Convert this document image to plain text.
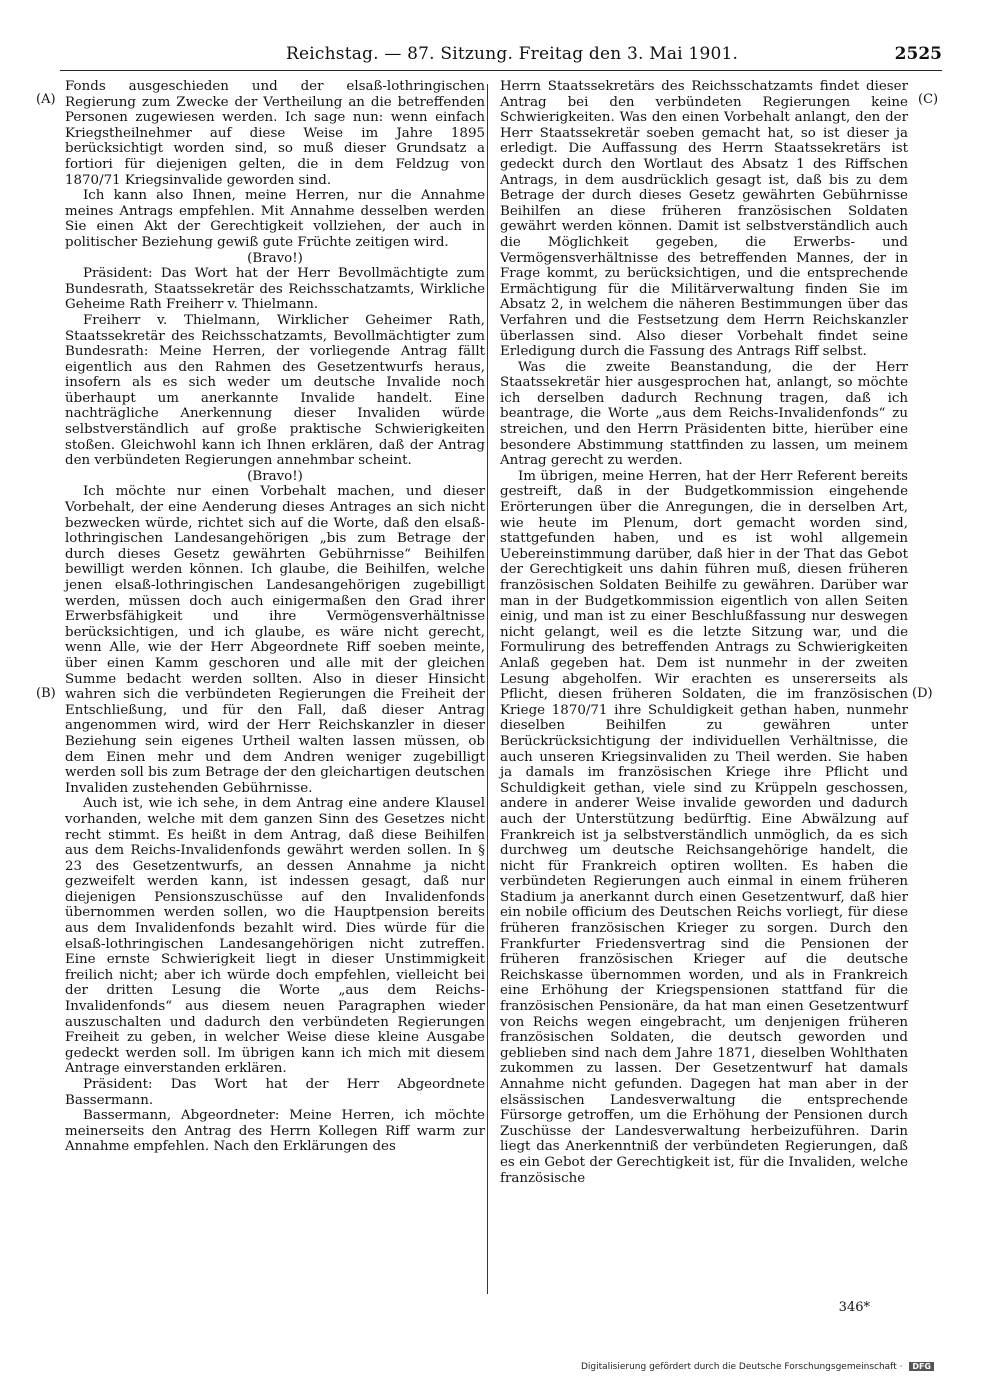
Reichstag. — 87. Sitzung. Freitag den 3. Mai 1901.	2525
(A)
(B)
(C)
(D)

Fonds ausgeschieden und der elsaß-lothringischen Regierung zum Zwecke der Vertheilung an die betreffenden Personen zugewiesen werden. Ich sage nun: wenn einfach Kriegstheilnehmer auf diese Weise im Jahre 1895 berücksichtigt worden sind, so muß dieser Grundsatz a fortiori für diejenigen gelten, die in dem Feldzug von 1870/71 Kriegsinvalide geworden sind.

Ich kann also Ihnen, meine Herren, nur die Annahme meines Antrags empfehlen. Mit Annahme desselben werden Sie einen Akt der Gerechtigkeit vollziehen, der auch in politischer Beziehung gewiß gute Früchte zeitigen wird.

(Bravo!)

Präsident: Das Wort hat der Herr Bevollmächtigte zum Bundesrath, Staatssekretär des Reichsschatzamts, Wirkliche Geheime Rath Freiherr v. Thielmann.

Freiherr v. Thielmann, Wirklicher Geheimer Rath, Staatssekretär des Reichsschatzamts, Bevollmächtigter zum Bundesrath: Meine Herren, der vorliegende Antrag fällt eigentlich aus den Rahmen des Gesetzentwurfs heraus, insofern als es sich weder um deutsche Invalide noch überhaupt um anerkannte Invalide handelt. Eine nachträgliche Anerkennung dieser Invaliden würde selbstverständlich auf große praktische Schwierigkeiten stoßen. Gleichwohl kann ich Ihnen erklären, daß der Antrag den verbündeten Regierungen annehmbar scheint.

(Bravo!)

Ich möchte nur einen Vorbehalt machen, und dieser Vorbehalt, der eine Aenderung dieses Antrages an sich nicht bezwecken würde, richtet sich auf die Worte, daß den elsaß-lothringischen Landesangehörigen „bis zum Betrage der durch dieses Gesetz gewährten Gebührnisse“ Beihilfen bewilligt werden können. Ich glaube, die Beihilfen, welche jenen elsaß-lothringischen Landesangehörigen zugebilligt werden, müssen doch auch einigermaßen den Grad ihrer Erwerbsfähigkeit und ihre Vermögensverhältnisse berücksichtigen, und ich glaube, es wäre nicht gerecht, wenn Alle, wie der Herr Abgeordnete Riff soeben meinte, über einen Kamm geschoren und alle mit der gleichen Summe bedacht werden sollten. Also in dieser Hinsicht wahren sich die verbündeten Regierungen die Freiheit der Entschließung, und für den Fall, daß dieser Antrag angenommen wird, wird der Herr Reichskanzler in dieser Beziehung sein eigenes Urtheil walten lassen müssen, ob dem Einen mehr und dem Andren weniger zugebilligt werden soll bis zum Betrage der den gleichartigen deutschen Invaliden zustehenden Gebührnisse.

Auch ist, wie ich sehe, in dem Antrag eine andere Klausel vorhanden, welche mit dem ganzen Sinn des Gesetzes nicht recht stimmt. Es heißt in dem Antrag, daß diese Beihilfen aus dem Reichs-Invalidenfonds gewährt werden sollen. In § 23 des Gesetzentwurfs, an dessen Annahme ja nicht gezweifelt werden kann, ist indessen gesagt, daß nur diejenigen Pensionszuschüsse auf den Invalidenfonds übernommen werden sollen, wo die Hauptpension bereits aus dem Invalidenfonds bezahlt wird. Dies würde für die elsaß-lothringischen Landesangehörigen nicht zutreffen. Eine ernste Schwierigkeit liegt in dieser Unstimmigkeit freilich nicht; aber ich würde doch empfehlen, vielleicht bei der dritten Lesung die Worte „aus dem Reichs-Invalidenfonds“ aus diesem neuen Paragraphen wieder auszuschalten und dadurch den verbündeten Regierungen Freiheit zu geben, in welcher Weise diese kleine Ausgabe gedeckt werden soll. Im übrigen kann ich mich mit diesem Antrage einverstanden erklären.

Präsident: Das Wort hat der Herr Abgeordnete Bassermann.

Bassermann, Abgeordneter: Meine Herren, ich möchte meinerseits den Antrag des Herrn Kollegen Riff warm zur Annahme empfehlen. Nach den Erklärungen des

Herrn Staatssekretärs des Reichsschatzamts findet dieser Antrag bei den verbündeten Regierungen keine Schwierigkeiten. Was den einen Vorbehalt anlangt, den der Herr Staatssekretär soeben gemacht hat, so ist dieser ja erledigt. Die Auffassung des Herrn Staatssekretärs ist gedeckt durch den Wortlaut des Absatz 1 des Riffschen Antrags, in dem ausdrücklich gesagt ist, daß bis zu dem Betrage der durch dieses Gesetz gewährten Gebührnisse Beihilfen an diese früheren französischen Soldaten gewährt werden können. Damit ist selbstverständlich auch die Möglichkeit gegeben, die Erwerbs- und Vermögensverhältnisse des betreffenden Mannes, der in Frage kommt, zu berücksichtigen, und die entsprechende Ermächtigung für die Militärverwaltung finden Sie im Absatz 2, in welchem die näheren Bestimmungen über das Verfahren und die Festsetzung dem Herrn Reichskanzler überlassen sind. Also dieser Vorbehalt findet seine Erledigung durch die Fassung des Antrags Riff selbst.

Was die zweite Beanstandung, die der Herr Staatssekretär hier ausgesprochen hat, anlangt, so möchte ich derselben dadurch Rechnung tragen, daß ich beantrage, die Worte „aus dem Reichs-Invalidenfonds“ zu streichen, und den Herrn Präsidenten bitte, hierüber eine besondere Abstimmung stattfinden zu lassen, um meinem Antrag gerecht zu werden.

Im übrigen, meine Herren, hat der Herr Referent bereits gestreift, daß in der Budgetkommission eingehende Erörterungen über die Anregungen, die in derselben Art, wie heute im Plenum, dort gemacht worden sind, stattgefunden haben, und es ist wohl allgemein Uebereinstimmung darüber, daß hier in der That das Gebot der Gerechtigkeit uns dahin führen muß, diesen früheren französischen Soldaten Beihilfe zu gewähren. Darüber war man in der Budgetkommission eigentlich von allen Seiten einig, und man ist zu einer Beschlußfassung nur deswegen nicht gelangt, weil es die letzte Sitzung war, und die Formulirung des betreffenden Antrags zu Schwierigkeiten Anlaß gegeben hat. Dem ist nunmehr in der zweiten Lesung abgeholfen. Wir erachten es unsererseits als Pflicht, diesen früheren Soldaten, die im französischen Kriege 1870/71 ihre Schuldigkeit gethan haben, nunmehr dieselben Beihilfen zu gewähren unter Berückrücksichtigung der individuellen Verhältnisse, die auch unseren Kriegsinvaliden zu Theil werden. Sie haben ja damals im französischen Kriege ihre Pflicht und Schuldigkeit gethan, viele sind zu Krüppeln geschossen, andere in anderer Weise invalide geworden und dadurch auch der Unterstützung bedürftig. Eine Abwälzung auf Frankreich ist ja selbstverständlich unmöglich, da es sich durchweg um deutsche Reichsangehörige handelt, die nicht für Frankreich optiren wollten. Es haben die verbündeten Regierungen auch einmal in einem früheren Stadium ja anerkannt durch einen Gesetzentwurf, daß hier ein nobile officium des Deutschen Reichs vorliegt, für diese früheren französischen Krieger zu sorgen. Durch den Frankfurter Friedensvertrag sind die Pensionen der früheren französischen Krieger auf die deutsche Reichskasse übernommen worden, und als in Frankreich eine Erhöhung der Kriegspensionen stattfand für die französischen Pensionäre, da hat man einen Gesetzentwurf von Reichs wegen eingebracht, um denjenigen früheren französischen Soldaten, die deutsch geworden und geblieben sind nach dem Jahre 1871, dieselben Wohlthaten zukommen zu lassen. Der Gesetzentwurf hat damals Annahme nicht gefunden. Dagegen hat man aber in der elsässischen Landesverwaltung die entsprechende Fürsorge getroffen, um die Erhöhung der Pensionen durch Zuschüsse der Landesverwaltung herbeizuführen. Darin liegt das Anerkenntniß der verbündeten Regierungen, daß es ein Gebot der Gerechtigkeit ist, für die Invaliden, welche französische

346*
Digitalisierung gefördert durch die Deutsche Forschungsgemeinschaft · DFG
